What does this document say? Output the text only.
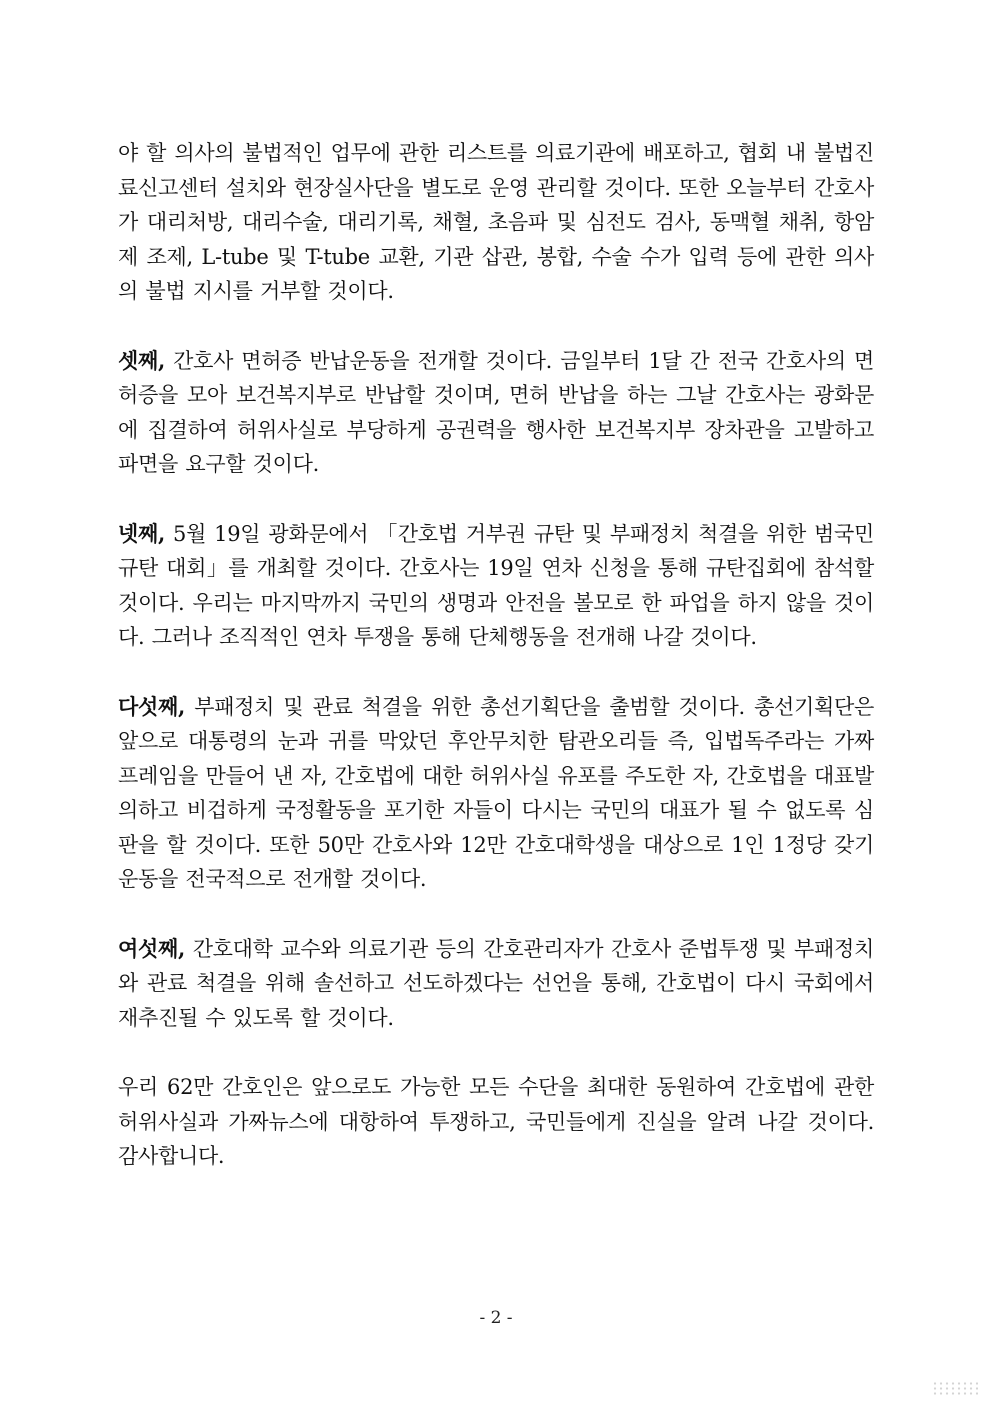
야 할 의사의 불법적인 업무에 관한 리스트를 의료기관에 배포하고, 협회 내 불법진료신고센터 설치와 현장실사단을 별도로 운영 관리할 것이다. 또한 오늘부터 간호사가 대리처방, 대리수술, 대리기록, 채혈, 초음파 및 심전도 검사, 동맥혈 채취, 항암제 조제, L-tube 및 T-tube 교환, 기관 삽관, 봉합, 수술 수가 입력 등에 관한 의사의 불법 지시를 거부할 것이다.

셋째, 간호사 면허증 반납운동을 전개할 것이다. 금일부터 1달 간 전국 간호사의 면허증을 모아 보건복지부로 반납할 것이며, 면허 반납을 하는 그날 간호사는 광화문에 집결하여 허위사실로 부당하게 공권력을 행사한 보건복지부 장차관을 고발하고 파면을 요구할 것이다.

넷째, 5월 19일 광화문에서 「간호법 거부권 규탄 및 부패정치 척결을 위한 범국민 규탄 대회」를 개최할 것이다. 간호사는 19일 연차 신청을 통해 규탄집회에 참석할 것이다. 우리는 마지막까지 국민의 생명과 안전을 볼모로 한 파업을 하지 않을 것이다. 그러나 조직적인 연차 투쟁을 통해 단체행동을 전개해 나갈 것이다.

다섯째, 부패정치 및 관료 척결을 위한 총선기획단을 출범할 것이다. 총선기획단은 앞으로 대통령의 눈과 귀를 막았던 후안무치한 탐관오리들 즉, 입법독주라는 가짜 프레임을 만들어 낸 자, 간호법에 대한 허위사실 유포를 주도한 자, 간호법을 대표발의하고 비겁하게 국정활동을 포기한 자들이 다시는 국민의 대표가 될 수 없도록 심판을 할 것이다. 또한 50만 간호사와 12만 간호대학생을 대상으로 1인 1정당 갖기 운동을 전국적으로 전개할 것이다.

여섯째, 간호대학 교수와 의료기관 등의 간호관리자가 간호사 준법투쟁 및 부패정치와 관료 척결을 위해 솔선하고 선도하겠다는 선언을 통해, 간호법이 다시 국회에서 재추진될 수 있도록 할 것이다.

우리 62만 간호인은 앞으로도 가능한 모든 수단을 최대한 동원하여 간호법에 관한 허위사실과 가짜뉴스에 대항하여 투쟁하고, 국민들에게 진실을 알려 나갈 것이다. 감사합니다.

- 2 -
